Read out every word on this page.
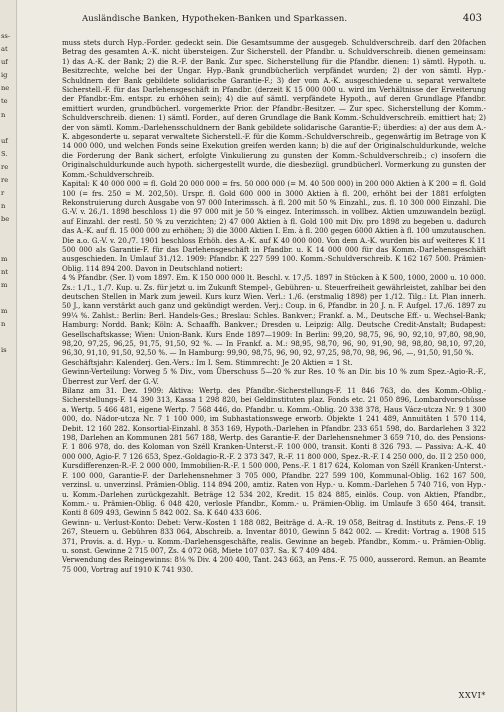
ss-
at
uf
ig
ne
te
n

uf
S.
re
re
r
n
be

m
nt
m

m
n

is
Ausländische Banken, Hypotheken-Banken und Sparkassen.	403

muss stets durch Hyp.-Forder. gedeckt sein. Die Gesamtsumme der ausgegeb. Schuldverschreib. darf den 20fachen Betrag des gesamten A.-K. nicht übersteigen. Zur Sicherstell. der Pfandbr. u. Schuldverschreib. dienen gemeinsam: 1) das A.-K. der Bank; 2) die R.-F. der Bank. Zur spec. Sicherstellung für die Pfandbr. dienen: 1) sämtl. Hypoth. u. Besitzrechte, welche bei der Ungar. Hyp.-Bank grundbücherlich verpfändet wurden; 2) der von sämtl. Hyp.-Schuldnern der Bank gebildete solidarische Garantie-F.; 3) der vom A.-K. ausgeschiedene u. separat verwaltete Sicherstell.-F. für das Darlehensgeschäft in Pfandbr. (derzeit K 15 000 000 u. wird im Verhältnisse der Erweiterung der Pfandbr.-Em. entspr. zu erhöhen sein); 4) die auf sämtl. verpfändete Hypoth., auf deren Grundlage Pfandbr. emittiert wurden, grundbücherl. vorgemerkte Prior. der Pfandbr.-Besitzer. — Zur spec. Sicherstellung der Komm.-Schuldverschreib. dienen: 1) sämtl. Forder., auf deren Grundlage die Bank Komm.-Schuldverschreib. emittiert hat; 2) der von sämtl. Komm.-Darlehensschuldnern der Bank gebildete solidarische Garantie-F.; überdies: a) der aus dem A.-K. abgesonderte u. separat verwaltete Sicherstell.-F. für die Komm.-Schuldverschreib., gegenwärtig im Betrage von K 14 000 000, und welchen Fonds seine Exekution greifen werden kann; b) die auf der Originalschuldurkunde, welche die Forderung der Bank sichert, erfolgte Vinkulierung zu gunsten der Komm.-Schuldverschreib.; c) insofern die Originalschuldurkunde auch hypoth. sichergestellt wurde, die diesbezügl. grundbücherl. Vormerkung zu gunsten der Komm.-Schuldverschreib.

Kapital: K 40 000 000 = fl. Gold 20 000 000 = frs. 50 000 000 (= M. 40 500 000) in 200 000 Aktien à K 200 = fl. Gold 100 (= frs. 250 = M. 202,50). Urspr. fl. Gold 600 000 in 3000 Aktien à fl. 200, erhöht bei der 1881 erfolgten Rekonstruierung durch Ausgabe von 97 000 Interimssch. à fl. 200 mit 50 % Einzahl., zus. fl. 10 300 000 Einzahl. Die G.-V. v. 26./1. 1898 beschloss 1) die 97 000 mit je 50 % eingez. Interimssch. in vollbez. Aktien umzuwandeln bezügl. auf Einzahl. der restl. 50 % zu verzichten; 2) 47 000 Aktien à fl. Gold 100 mit Div. pro 1898 zu begeben u. dadurch das A.-K. auf fl. 15 000 000 zu erhöhen; 3) die 3000 Aktien I. Em. à fl. 200 gegen 6000 Aktien à fl. 100 umzutauschen. Die a.o. G.-V. v. 20./7. 1901 beschloss Erhöh. des A.-K. auf K 40 000 000. Von dem A.-K. wurden bis auf weiteres K 11 500 000 als Garantie-F. für das Darlehensgeschäft in Pfandbr. u. K 14 000 000 für das Komm.-Darlehensgeschäft ausgeschieden. In Umlauf 31./12. 1909: Pfandbr. K 227 599 100. Komm.-Schuldverschreib. K 162 167 500. Prämien-Oblig. 114 894 200. Davon in Deutschland notiert:

4 % Pfandbr. (Ser. I) vom 1897. Em. K 150 000 000 lt. Beschl. v. 17./5. 1897 in Stücken à K 500, 1000, 2000 u. 10 000. Zs.: 1./1., 1./7. Kup. u. Zs. für jetzt u. im Zukunft Stempel-, Gebühren- u. Steuerfreiheit gewährleistet, zahlbar bei den deutschen Stellen in Mark zum jeweil. Kurs kurz Wien. Verl.: 1./6. (erstmalig 1898) per 1./12. Tilg.: Lt. Plan innerh. 50 J., kann verstärkt auch ganz und gekündigt werden. Verj.: Coup. in 6, Pfandbr. in 20 J. n. F. Aufgel. 17./6. 1897 zu 99¼ %. Zahlst.: Berlin: Berl. Handels-Ges.; Breslau: Schles. Bankver.; Frankf. a. M., Deutsche Eff.- u. Wechsel-Bank; Hamburg: Nordd. Bank; Köln: A. Schaaffh. Bankver.; Dresden u. Leipzig: Allg. Deutsche Credit-Anstalt; Budapest: Gesellschaftskasse; Wien: Union-Bank. Kurs Ende 1897—1909: In Berlin: 99,20, 98,75, 96, 90, 92,10, 97,80, 98,90, 98,20, 97,25, 96,25, 91,75, 91,50, 92 %. — In Frankf. a. M.: 98,95, 98,70, 96, 90, 91,90, 98, 98,80, 98,10, 97,20, 96,30, 91,10, 91,50, 92,50 %. — In Hamburg: 99,90, 98,75, 96, 90, 92, 97,25, 98,70, 98, 96, 96, —, 91,50, 91,50 %.

Geschäftsjahr: Kalenderj. Gen.-Vers.: Im I. Sem. Stimmrecht: Je 20 Aktien = 1 St.

Gewinn-Verteilung: Vorweg 5 % Div., vom Überschuss 5—20 % zur Res. 10 % an Dir. bis 10 % zum Spez.-Agio-R.-F., Überrest zur Verf. der G.-V.

Bilanz am 31. Dez. 1909: Aktiva: Wertp. des Pfandbr.-Sicherstellungs-F. 11 846 763, do. des Komm.-Oblig.-Sicherstellungs-F. 14 390 313, Kassa 1 298 820, bei Geldinstituten plaz. Fonds etc. 21 050 896, Lombardvorschüsse a. Wertp. 5 466 481, eigene Wertp. 7 568 446, do. Pfandbr. u. Komm.-Oblig. 20 338 378, Haus Vácz-utcza Nr. 9 1 300 000, do. Nádor-utcza Nr. 7 1 100 000, im Subhastationswege erworb. Objekte 1 241 489, Annuitäten 1 570 114, Debit. 12 160 282. Konsortial-Einzahl. 8 353 169, Hypoth.-Darlehen in Pfandbr. 233 651 598, do. Bardarlehen 3 322 198, Darlehen an Kommunen 281 567 188, Wertp. des Garantie-F. der Darlehensnehmer 3 659 710, do. des Pensions-F. 1 806 978, do. des Koloman von Széll Kranken-Unterst.-F. 100 000, transit. Konti 8 326 793. — Passiva: A.-K. 40 000 000, Agio-F. 7 126 653, Spez.-Goldagio-R.-F. 2 373 347, R.-F. 11 800 000, Spez.-R.-F. I 4 250 000, do. II 2 250 000, Kursdifferenzen-R.-F. 2 000 000, Immobilien-R.-F. 1 500 000, Pens.-F. 1 817 624, Koloman von Széll Kranken-Unterst.-F. 100 000, Garantie-F. der Darlehensnehmer 3 705 000, Pfandbr. 227 599 100, Kommunal-Oblig. 162 167 500, verzinsl. u. unverzinsl. Prämien-Oblig. 114 894 200, amtiz. Raten von Hyp.- u. Komm.-Darlehen 5 740 716, von Hyp.- u. Komm.-Darlehen zurückgezahlt. Beträge 12 534 202, Kredit. 15 824 885, einlös. Coup. von Aktien, Pfandbr., Komm.- u. Prämien-Oblig. 6 048 420, verlosle Pfandbr., Komm.- u. Prämien-Oblig. im Umlaufe 3 650 464, transit. Konti 8 609 493, Gewinn 5 842 002. Sa. K 640 433 606.

Gewinn- u. Verlust-Konto: Debet: Verw.-Kosten 1 188 082, Beiträge d. A.-R. 19 058, Beitrag d. Instituts z. Pens.-F. 19 267, Steuern u. Gebühren 833 064, Abschreib. a. Inventar 8010, Gewinn 5 842 002. — Kredit: Vortrag a. 1908 515 371, Provis. a. d. Hyp.- u. Komm.-Darlehensgeschäfte, realis. Gewinne an begeb. Pfandbr., Komm.- u. Prämien-Oblig. u. sonst. Gewinne 2 715 007, Zs. 4 072 068, Miete 107 037. Sa. K 7 409 484.

Verwendung des Reingewinns: 8⅛ % Div. 4 200 400, Tant. 243 663, an Pens.-F. 75 000, ausserord. Remun. an Beamte 75 000, Vortrag auf 1910 K 741 930.

XXVI*
